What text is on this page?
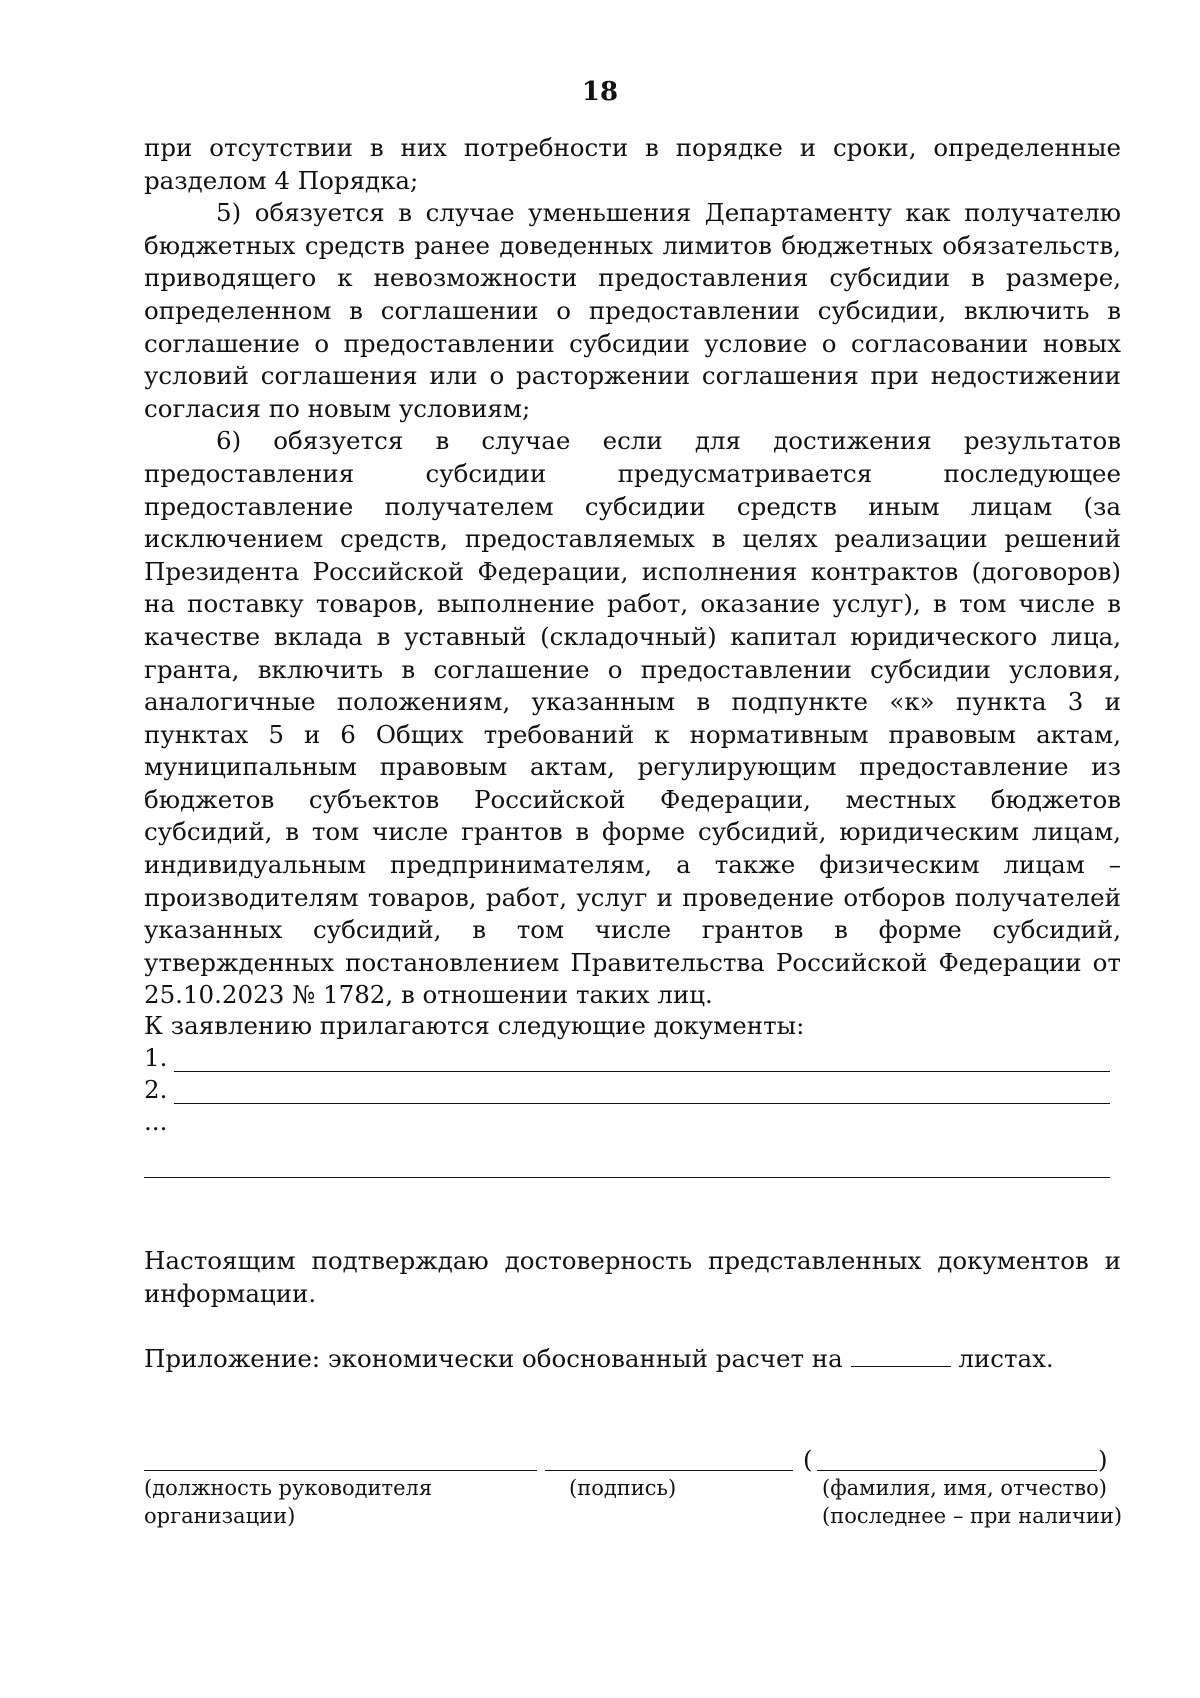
18

при отсутствии в них потребности в порядке и сроки, определенные разделом 4 Порядка;

5) обязуется в случае уменьшения Департаменту как получателю бюджетных средств ранее доведенных лимитов бюджетных обязательств, приводящего к невозможности предоставления субсидии в размере, определенном в соглашении о предоставлении субсидии, включить в соглашение о предоставлении субсидии условие о согласовании новых условий соглашения или о расторжении соглашения при недостижении согласия по новым условиям;

6) обязуется в случае если для достижения результатов предоставления субсидии предусматривается последующее предоставление получателем субсидии средств иным лицам (за исключением средств, предоставляемых в целях реализации решений Президента Российской Федерации, исполнения контрактов (договоров) на поставку товаров, выполнение работ, оказание услуг), в том числе в качестве вклада в уставный (складочный) капитал юридического лица, гранта, включить в соглашение о предоставлении субсидии условия, аналогичные положениям, указанным в подпункте «к» пункта 3 и пунктах 5 и 6 Общих требований к нормативным правовым актам, муниципальным правовым актам, регулирующим предоставление из бюджетов субъектов Российской Федерации, местных бюджетов субсидий, в том числе грантов в форме субсидий, юридическим лицам, индивидуальным предпринимателям, а также физическим лицам – производителям товаров, работ, услуг и проведение отборов получателей указанных субсидий, в том числе грантов в форме субсидий, утвержденных постановлением Правительства Российской Федерации от 25.10.2023 № 1782, в отношении таких лиц.

К заявлению прилагаются следующие документы:
1.
2.
...

Настоящим подтверждаю достоверность представленных документов и информации.

Приложение: экономически обоснованный расчет на	листах.
(	)
(должность руководителя
организации)
(подпись)	(фамилия, имя, отчество)
(последнее – при наличии)
